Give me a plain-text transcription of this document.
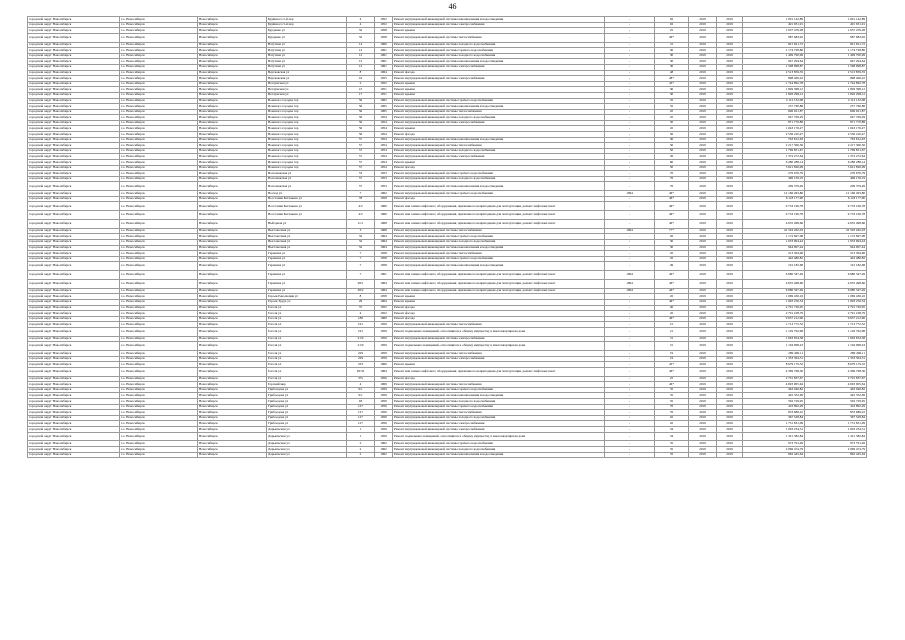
46
городской округ Новосибирск	г.о. Новосибирск	Новосибирск	Будённого 5-й пер	4	1952	Ремонт внутридомовой инженерной системы канализования и водоотведения	-	92	2019	2019	1 091 142,89	1 091 142,89
городской округ Новосибирск	г.о. Новосибирск	Новосибирск	Будённого 5-й пер	4	1952	Ремонт внутридомовой инженерной системы электроснабжения	-	92	2019	2019	491 931,91	491 931,91
городской округ Новосибирск	г.о. Новосибирск	Новосибирск	Бурденко ул	32	1958	Ремонт крыши	-	25	2019	2019	1 637 476,28	1 637 476,28
городской округ Новосибирск	г.о. Новосибирск	Новосибирск	Бурденко ул	32	1958	Ремонт внутридомовой инженерной системы теплоснабжения	-	46*	2019	2019	987 683,92	987 683,92
городской округ Новосибирск	г.о. Новосибирск	Новосибирск	Ватутина ул	14	1960	Ремонт внутридомовой инженерной системы холодного водоснабжения	-	31	2019	2019	821 621,72	821 621,72
городской округ Новосибирск	г.о. Новосибирск	Новосибирск	Ватутина ул	12	1961	Ремонт внутридомовой инженерной системы горячего водоснабжения	-	30	2019	2019	1 174 728,86	1 174 728,86
городской округ Новосибирск	г.о. Новосибирск	Новосибирск	Ватутина ул	12	1961	Ремонт внутридомовой инженерной системы холодного водоснабжения	-	30	2019	2019	1 409 700,99	1 409 700,99
городской округ Новосибирск	г.о. Новосибирск	Новосибирск	Ватутина ул	12	1961	Ремонт внутридомовой инженерной системы канализования и водоотведения	-	30	2019	2019	947 294,64	947 294,64
городской округ Новосибирск	г.о. Новосибирск	Новосибирск	Ватутина ул	12	1961	Ремонт внутридомовой инженерной системы электроснабжения	-	30	2019	2019	1 598 998,87	1 598 998,87
городской округ Новосибирск	г.о. Новосибирск	Новосибирск	Вертковская ул	8	1964	Ремонт фасада	-	48	2019	2019	2 513 859,35	2 513 859,35
городской округ Новосибирск	г.о. Новосибирск	Новосибирск	Вертковская ул	16	1955	Ремонт внутридомовой инженерной системы электроснабжения	-	48*	2019	2019	898 406,22	898 406,22
городской округ Новосибирск	г.о. Новосибирск	Новосибирск	Ветлужская ул	2	1952	Ремонт крыши	-	43*	2019	2019	1 744 892,78	1 744 892,78
городской округ Новосибирск	г.о. Новосибирск	Новосибирск	Ветлужская ул	15	1951	Ремонт крыши	-	30	2019	2019	1 829 398,12	1 829 398,12
городской округ Новосибирск	г.о. Новосибирск	Новосибирск	Ветлужская ул	17	1951	Ремонт крыши	-	30	2019	2019	1 826 298,12	1 826 298,12
городской округ Новосибирск	г.о. Новосибирск	Новосибирск	Военного городка тер	56	1965	Ремонт внутридомовой инженерной системы горячего водоснабжения	-	35	2019	2019	2 112 132,08	2 112 132,08
городской округ Новосибирск	г.о. Новосибирск	Новосибирск	Военного городка тер	56	1965	Ремонт внутридомовой инженерной системы канализования и водоотведения	-	35	2019	2019	257 760,88	257 760,88
городской округ Новосибирск	г.о. Новосибирск	Новосибирск	Военного городка тер	56	1965	Ремонт внутридомовой инженерной системы теплоснабжения	-	45	2019	2019	696 921,87	696 921,87
городской округ Новосибирск	г.о. Новосибирск	Новосибирск	Военного городка тер	56	1954	Ремонт внутридомовой инженерной системы холодного водоснабжения	-	45	2019	2019	647 709,29	647 709,29
городской округ Новосибирск	г.о. Новосибирск	Новосибирск	Военного городка тер	56	1954	Ремонт внутридомовой инженерной системы электроснабжения	-	50	2019	2019	871 770,89	871 770,89
городской округ Новосибирск	г.о. Новосибирск	Новосибирск	Военного городка тер	56	1954	Ремонт крыши	-	45	2019	2019	1 043 176,27	1 043 176,27
городской округ Новосибирск	г.о. Новосибирск	Новосибирск	Военного городка тер	56	1954	Ремонт фасада	-	50	2019	2019	2 536 410,47	2 536 410,47
городской округ Новосибирск	г.о. Новосибирск	Новосибирск	Военного городка тер	57	1954	Ремонт внутридомовой инженерной системы канализования и водоотведения	-	30	2019	2019	763 812,63	763 812,63
городской округ Новосибирск	г.о. Новосибирск	Новосибирск	Военного городка тер	57	1954	Ремонт внутридомовой инженерной системы теплоснабжения	-	50	2019	2019	2 217 300,56	2 217 300,56
городской округ Новосибирск	г.о. Новосибирск	Новосибирск	Военного городка тер	57	1954	Ремонт внутридомовой инженерной системы холодного водоснабжения	-	50	2019	2019	1 769 851,67	1 769 851,67
городской округ Новосибирск	г.о. Новосибирск	Новосибирск	Военного городка тер	57	1954	Ремонт внутридомовой инженерной системы электроснабжения	-	50	2019	2019	1 372 272,64	1 372 272,64
городской округ Новосибирск	г.о. Новосибирск	Новосибирск	Военного городка тер	57	1954	Ремонт крыши	-	60	2019	2019	6 280 288,14	6 280 288,14
городской округ Новосибирск	г.о. Новосибирск	Новосибирск	Военного городка тер	57	1954	Ремонт фасада	-	50	2019	2019	5 621 826,09	5 621 826,09
городской округ Новосибирск	г.о. Новосибирск	Новосибирск	Волочаевская ул	53	1953	Ремонт внутридомовой инженерной системы горячего водоснабжения	-	70	2019	2019	276 676,79	276 676,79
городской округ Новосибирск	г.о. Новосибирск	Новосибирск	Волочаевская ул	57	1953	Ремонт внутридомовой инженерной системы холодного водоснабжения	-	70	2019	2019	496 159,19	496 159,19
городской округ Новосибирск	г.о. Новосибирск	Новосибирск	Волочаевская ул	57	1953	Ремонт внутридомовой инженерной системы канализования и водоотведения	-	70	2019	2019	209 379,49	209 379,49
городской округ Новосибирск	г.о. Новосибирск	Новосибирск	Восход ул	7	1962	Ремонт внутридомовой инженерной системы горячего водоснабжения	1994	46*	2019	2019	12 166 493,86	12 166 493,86
городской округ Новосибирск	г.о. Новосибирск	Новосибирск	Восстания Бетховена ул	78	1958	Ремонт фасада	-	46*	2019	2019	6 118 177,90	6 118 177,90
городской округ Новосибирск	г.о. Новосибирск	Новосибирск	Восстания Бетховена ул	4/2	1966	Ремонт или замена лифтового оборудования, признанного непригодным для эксплуатации, ремонт лифтовых шахт	-	46*	2019	2019	9 733 196,78	9 733 196,78
городской округ Новосибирск	г.о. Новосибирск	Новосибирск	Восстания Бетховена ул	4/2	1966	Ремонт или замена лифтового оборудования, признанного непригодным для эксплуатации, ремонт лифтовых шахт	-	46*	2019	2019	9 733 196,78	9 733 196,78
городской округ Новосибирск	г.о. Новосибирск	Новосибирск	Выборная ул	11/1	1968	Ремонт или замена лифтового оборудования, признанного непригодным для эксплуатации, ремонт лифтовых шахт	-	46*	2019	2019	4 655 498,66	4 655 498,66
городской округ Новосибирск	г.о. Новосибирск	Новосибирск	Выставочная ул	3	1968	Ремонт внутридомовой инженерной системы теплоснабжения	1994	77*	2019	2019	22 593 262,03	22 593 262,03
городской округ Новосибирск	г.о. Новосибирск	Новосибирск	Выставочная ул	32	1964	Ремонт внутридомовой инженерной системы горячего водоснабжения	-	20	2019	2019	1 172 697,08	1 172 697,08
городской округ Новосибирск	г.о. Новосибирск	Новосибирск	Выставочная ул	32	1964	Ремонт внутридомовой инженерной системы холодного водоснабжения	-	30	2019	2019	1 033 994,44	1 033 994,44
городской округ Новосибирск	г.о. Новосибирск	Новосибирск	Выставочная ул	32	1964	Ремонт внутридомовой инженерной системы канализования и водоотведения	-	30	2019	2019	944 907,44	944 907,44
городской округ Новосибирск	г.о. Новосибирск	Новосибирск	Гаранина ул	7	1958	Ремонт внутридомовой инженерной системы теплоснабжения	-	45	2019	2019	213 304,96	213 304,96
городской округ Новосибирск	г.о. Новосибирск	Новосибирск	Гаранина ул	7	1958	Ремонт внутридомовой инженерной системы горячего водоснабжения	-	45	2019	2019	442 480,82	442 480,82
городской округ Новосибирск	г.о. Новосибирск	Новосибирск	Гаранина ул	7	1958	Ремонт внутридомовой инженерной системы канализования и водоотведения	-	49	2019	2019	191 182,68	191 182,68
городской округ Новосибирск	г.о. Новосибирск	Новосибирск	Гаранина ул	7	1961	Ремонт или замена лифтового оборудования, признанного непригодным для эксплуатации, ремонт лифтовых шахт	1994	46*	2019	2019	6 680 347,49	6 680 347,49
городской округ Новосибирск	г.о. Новосибирск	Новосибирск	Гаранина ул	28/1	1964	Ремонт или замена лифтового оборудования, признанного непригодным для эксплуатации, ремонт лифтовых шахт	1994	46*	2019	2019	4 655 498,66	4 655 498,66
городской округ Новосибирск	г.о. Новосибирск	Новосибирск	Гаранина ул	28/2	1964	Ремонт или замена лифтового оборудования, признанного непригодным для эксплуатации, ремонт лифтовых шахт	1994	46*	2019	2019	6 680 347,49	6 680 347,49
городской округ Новосибирск	г.о. Новосибирск	Новосибирск	Героев Революции ул	8	1958	Ремонт крыши	-	45	2019	2019	1 069 436,16	1 069 436,16
городской округ Новосибирск	г.о. Новосибирск	Новосибирск	Героев Труда ул	29	1964	Ремонт крыши	-	46*	2019	2019	1 993 256,54	1 993 256,54
городской округ Новосибирск	г.о. Новосибирск	Новосибирск	Гоголя ул	37	1952	Ремонт фасада	-	40	2019	2019	2 791 726,95	2 791 726,95
городской округ Новосибирск	г.о. Новосибирск	Новосибирск	Гоголя ул	4	1952	Ремонт фасада	-	45	2019	2019	2 791 108,79	2 791 108,79
городской округ Новосибирск	г.о. Новосибирск	Новосибирск	Гоголя ул	186	1960	Ремонт фасада	-	46*	2019	2019	9 657 212,96	9 657 212,96
городской округ Новосибирск	г.о. Новосибирск	Новосибирск	Гоголя ул	191	1959	Ремонт внутридомовой инженерной системы теплоснабжения	-	21	2019	2019	1 713 772,32	1 713 772,32
городской округ Новосибирск	г.о. Новосибирск	Новосибирск	Гоголя ул	191	1959	Ремонт подвальных помещений, относящихся к общему имуществу в многоквартирном доме	-	21	2019	2019	1 129 762,98	1 129 762,98
городской округ Новосибирск	г.о. Новосибирск	Новосибирск	Гоголя ул	21/9	1959	Ремонт внутридомовой инженерной системы электроснабжения	-	31	2019	2019	1 663 654,58	1 663 654,58
городской округ Новосибирск	г.о. Новосибирск	Новосибирск	Гоголя ул	21/9	1959	Ремонт подвальных помещений, относящихся к общему имуществу в многоквартирном доме	-	31	2019	2019	1 194 098,43	1 194 098,43
городской округ Новосибирск	г.о. Новосибирск	Новосибирск	Гоголя ул	229	1959	Ремонт внутридомовой инженерной системы теплоснабжения	-	19	2019	2019	289 406,11	289 406,11
городской округ Новосибирск	г.о. Новосибирск	Новосибирск	Гоголя ул	229	1959	Ремонт внутридомовой инженерной системы электроснабжения	-	19	2019	2019	1 353 304,31	1 353 304,31
городской округ Новосибирск	г.о. Новосибирск	Новосибирск	Гоголя ул	233	1960	Ремонт крыши	-	43*	2019	2019	8 679 179,32	8 679 179,32
городской округ Новосибирск	г.о. Новосибирск	Новосибирск	Гоголя ул	29/32	1964	Ремонт или замена лифтового оборудования, признанного непригодным для эксплуатации, ремонт лифтовых шахт	-	46*	2019	2019	4 369 768,36	4 369 768,36
городской округ Новосибирск	г.о. Новосибирск	Новосибирск	Гоголя ул	37а	1956	Ремонт фасада	-	25	2019	2019	2 701 837,67	2 701 837,67
городской округ Новосибирск	г.о. Новосибирск	Новосибирск	Горский мкр	4	1969	Ремонт внутридомовой инженерной системы теплоснабжения	-	46*	2019	2019	4 693 905,64	4 693 905,64
городской округ Новосибирск	г.о. Новосибирск	Новосибирск	Грибоедова ул	9/1	1959	Ремонт внутридомовой инженерной системы горячего водоснабжения	-	35	2019	2019	463 046,82	463 046,82
городской округ Новосибирск	г.о. Новосибирск	Новосибирск	Грибоедова ул	9/1	1959	Ремонт внутридомовой инженерной системы канализования и водоотведения	-	35	2019	2019	445 352,69	445 352,69
городской округ Новосибирск	г.о. Новосибирск	Новосибирск	Грибоедова ул	93	1959	Ремонт внутридомовой инженерной системы холодного водоснабжения	-	35	2019	2019	592 729,95	592 729,95
городской округ Новосибирск	г.о. Новосибирск	Новосибирск	Грибоедова ул	127	1956	Ремонт внутридомовой инженерной системы горячего водоснабжения	-	70	2019	2019	416 892,29	416 892,29
городской округ Новосибирск	г.о. Новосибирск	Новосибирск	Грибоедова ул	127	1956	Ремонт внутридомовой инженерной системы теплоснабжения	-	70	2019	2019	853 689,22	853 689,22
городской округ Новосибирск	г.о. Новосибирск	Новосибирск	Грибоедова ул	127	1956	Ремонт внутридомовой инженерной системы холодного водоснабжения	-	45	2019	2019	367 528,84	367 528,84
городской округ Новосибирск	г.о. Новосибирск	Новосибирск	Грибоедова ул	127	1956	Ремонт внутридомовой инженерной системы электроснабжения	-	45	2019	2019	1 731 831,09	1 731 831,09
городской округ Новосибирск	г.о. Новосибирск	Новосибирск	Дарьяльская ул	1	1959	Ремонт внутридомовой инженерной системы электроснабжения	-	34	2019	2019	1 093 234,31	1 093 234,31
городской округ Новосибирск	г.о. Новосибирск	Новосибирск	Дарьяльская ул	1	1959	Ремонт подвальных помещений, относящихся к общему имуществу в многоквартирном доме	-	34	2019	2019	1 321 382,84	1 321 382,84
городской округ Новосибирск	г.о. Новосибирск	Новосибирск	Дарьяльская ул	2	1962	Ремонт внутридомовой инженерной системы горячего водоснабжения	-	35	2019	2019	973 791,49	973 791,49
городской округ Новосибирск	г.о. Новосибирск	Новосибирск	Дарьяльская ул	2	1962	Ремонт внутридомовой инженерной системы холодного водоснабжения	-	35	2019	2019	2 069 474,79	2 069 474,79
городской округ Новосибирск	г.о. Новосибирск	Новосибирск	Дарьяльская ул	2	1962	Ремонт внутридомовой инженерной системы канализования и водоотведения	-	35	2019	2019	862 445,64	862 445,64
